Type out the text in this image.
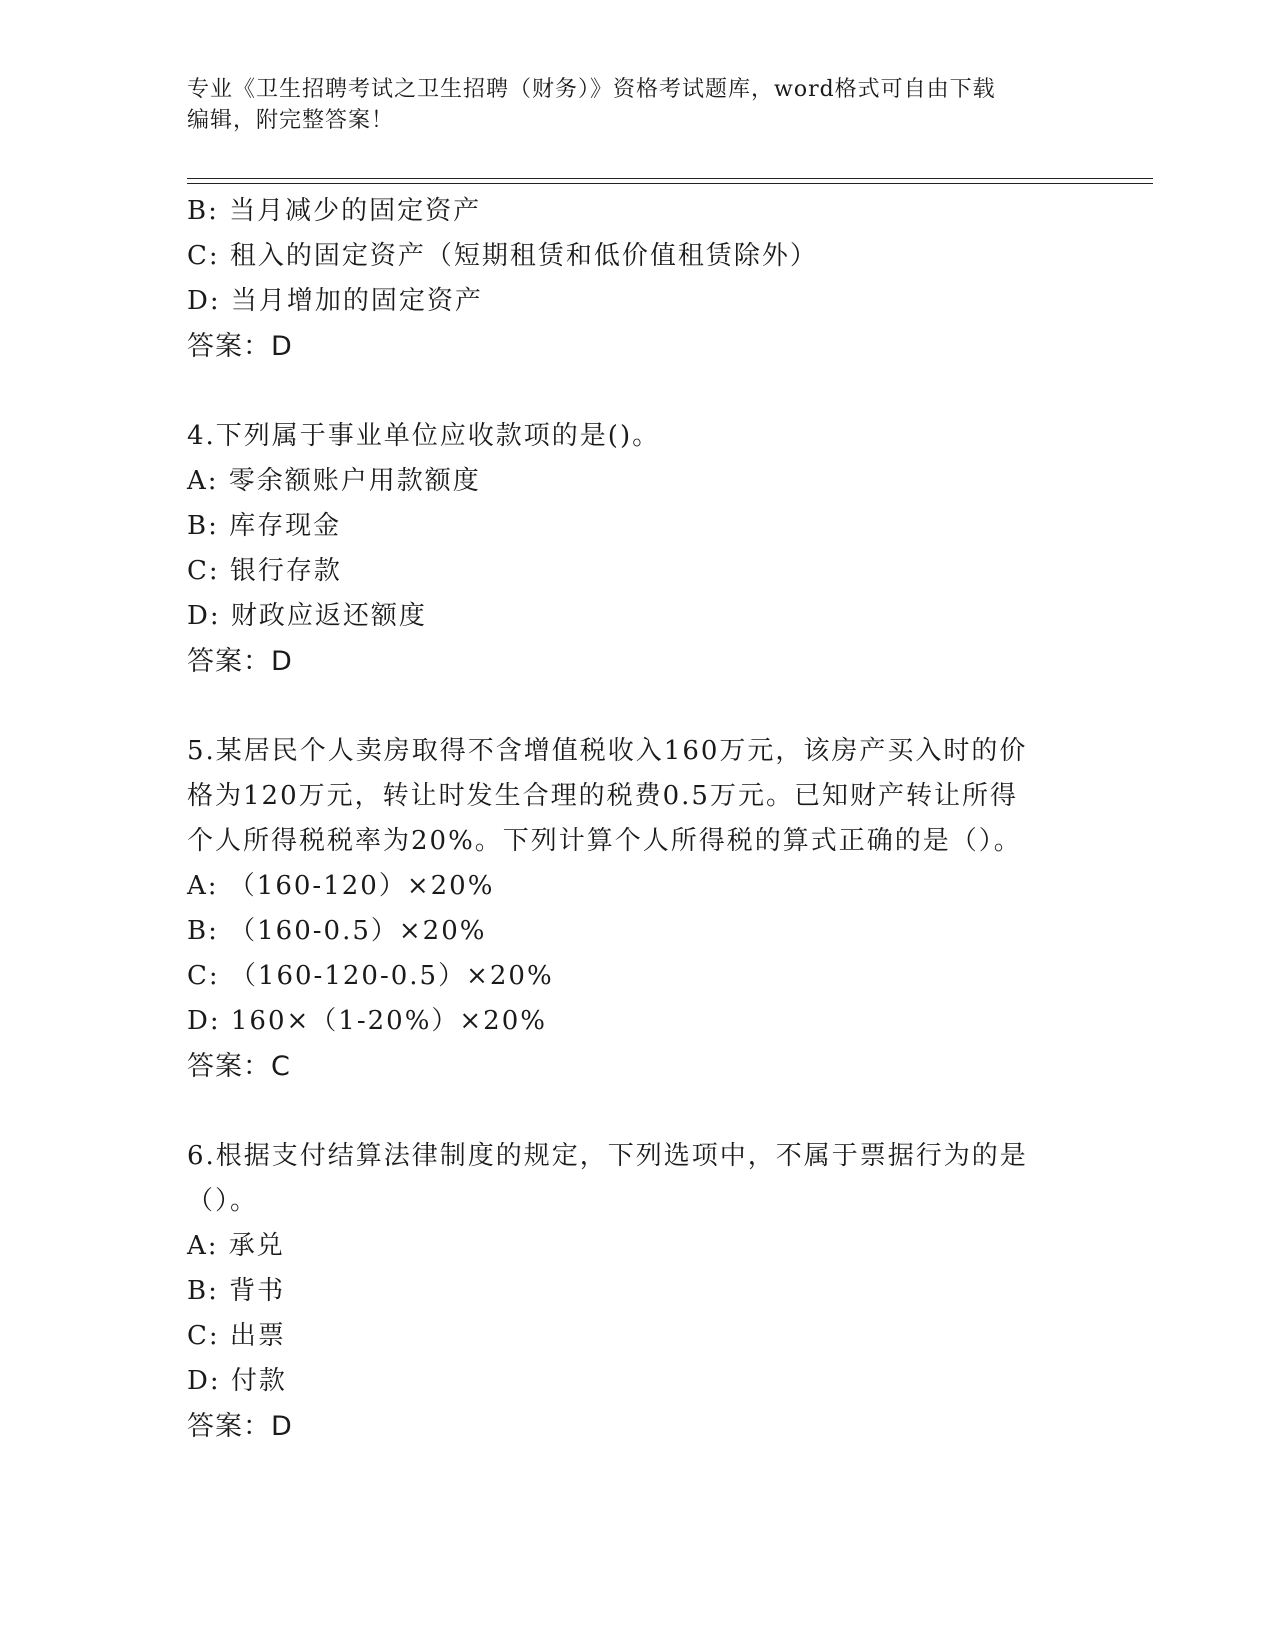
专业《卫生招聘考试之卫生招聘（财务）》资格考试题库，word格式可自由下载
编辑，附完整答案！
B: 当月减少的固定资产
C: 租入的固定资产（短期租赁和低价值租赁除外）
D: 当月增加的固定资产
答案：D
4.下列属于事业单位应收款项的是()。
A: 零余额账户用款额度
B: 库存现金
C: 银行存款
D: 财政应返还额度
答案：D
5.某居民个人卖房取得不含增值税收入160万元，该房产买入时的价
格为120万元，转让时发生合理的税费0.5万元。已知财产转让所得
个人所得税税率为20%。下列计算个人所得税的算式正确的是（）。
A: （160-120）×20%
B: （160-0.5）×20%
C: （160-120-0.5）×20%
D: 160×（1-20%）×20%
答案：C
6.根据支付结算法律制度的规定，下列选项中，不属于票据行为的是
（）。
A: 承兑
B: 背书
C: 出票
D: 付款
答案：D
